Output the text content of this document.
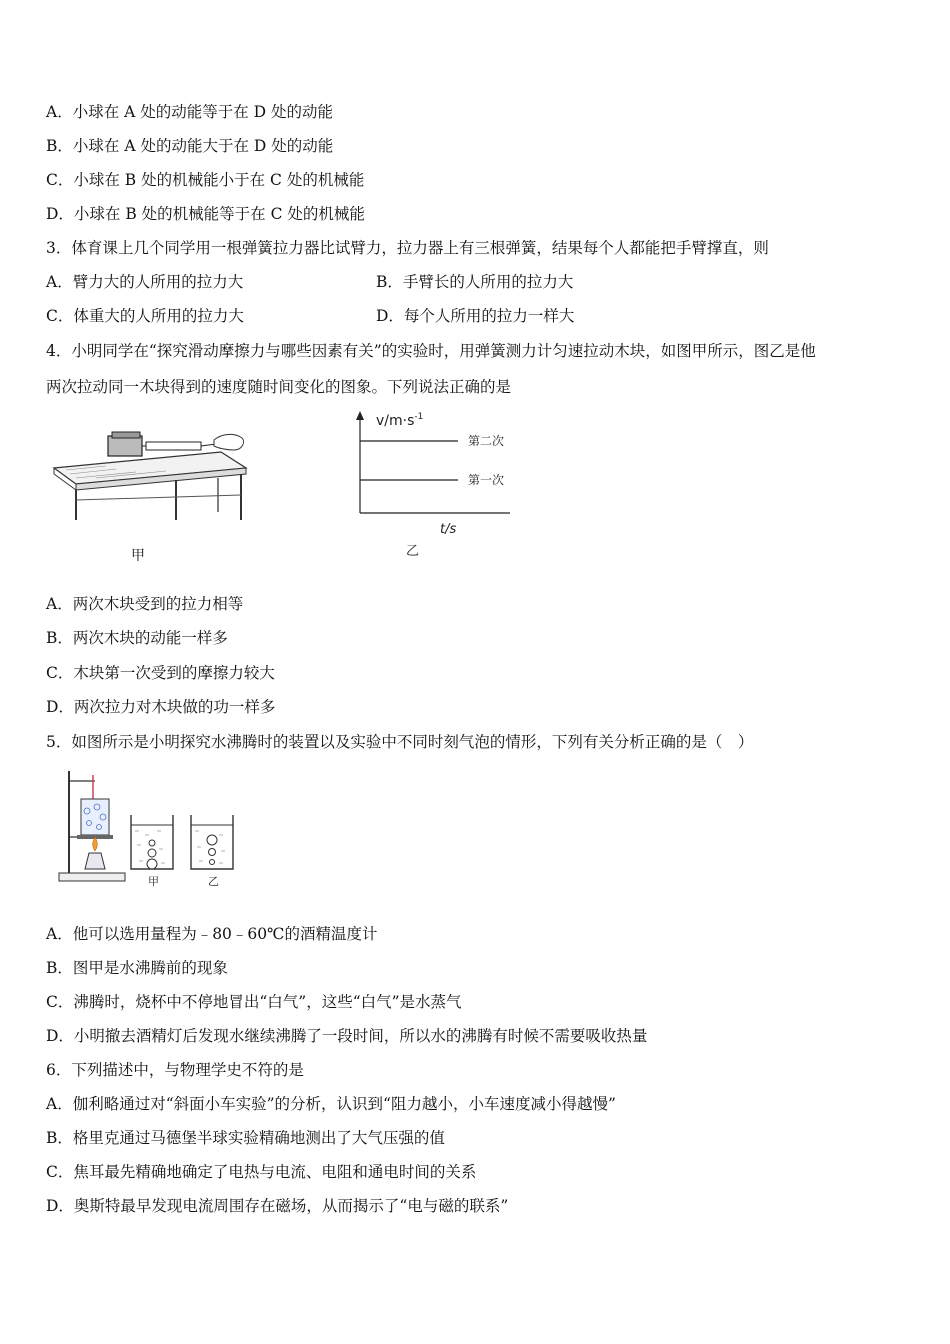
A．小球在 A 处的动能等于在 D 处的动能
B．小球在 A 处的动能大于在 D 处的动能
C．小球在 B 处的机械能小于在 C 处的机械能
D．小球在 B 处的机械能等于在 C 处的机械能
3．体育课上几个同学用一根弹簧拉力器比试臂力，拉力器上有三根弹簧，结果每个人都能把手臂撑直，则
A．臂力大的人所用的拉力大	B．手臂长的人所用的拉力大
C．体重大的人所用的拉力大	D．每个人所用的拉力一样大
4．小明同学在“探究滑动摩擦力与哪些因素有关”的实验时，用弹簧测力计匀速拉动木块，如图甲所示，图乙是他
两次拉动同一木块得到的速度随时间变化的图象。下列说法正确的是
甲
$v/m\cdot s^{-1}$
第二次
第一次
t/s
乙
A．两次木块受到的拉力相等
B．两次木块的动能一样多
C．木块第一次受到的摩擦力较大
D．两次拉力对木块做的功一样多
5．如图所示是小明探究水沸腾时的装置以及实验中不同时刻气泡的情形，下列有关分析正确的是（　）
甲	乙
A．他可以选用量程为﹣80﹣60℃的酒精温度计
B．图甲是水沸腾前的现象
C．沸腾时，烧杯中不停地冒出“白气”，这些“白气”是水蒸气
D．小明撤去酒精灯后发现水继续沸腾了一段时间，所以水的沸腾有时候不需要吸收热量
6．下列描述中，与物理学史不符的是
A．伽利略通过对“斜面小车实验”的分析，认识到“阻力越小，小车速度减小得越慢”
B．格里克通过马德堡半球实验精确地测出了大气压强的值
C．焦耳最先精确地确定了电热与电流、电阻和通电时间的关系
D．奥斯特最早发现电流周围存在磁场，从而揭示了“电与磁的联系”
